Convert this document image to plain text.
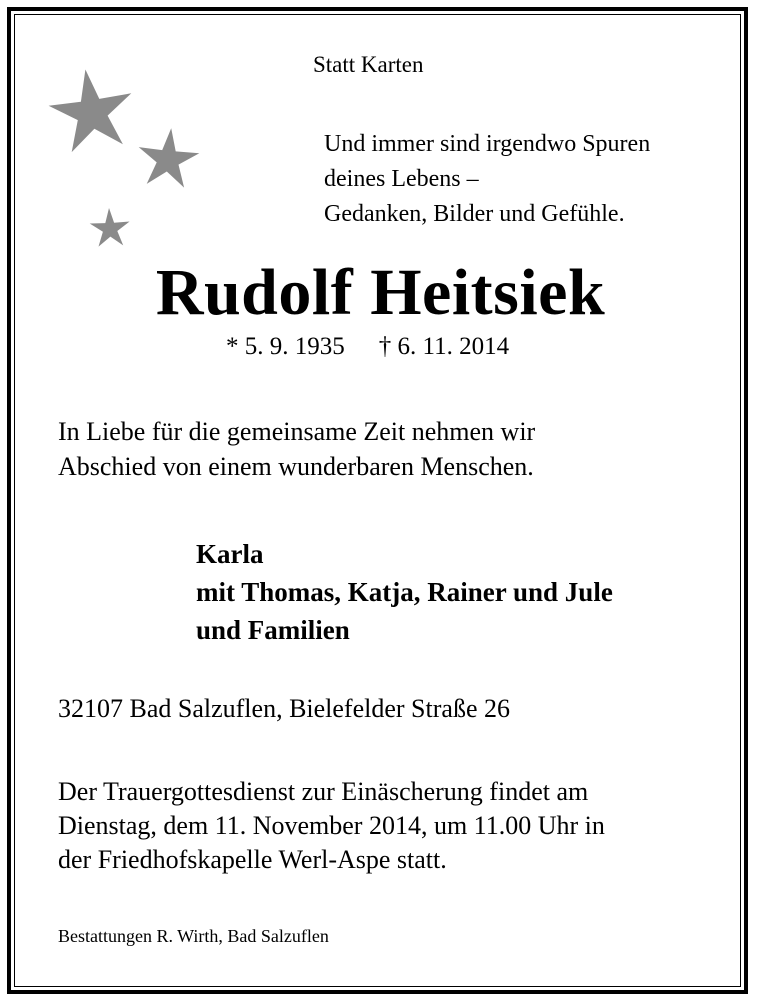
Statt Karten
Und immer sind irgendwo Spuren
deines Lebens –
Gedanken, Bilder und Gefühle.
Rudolf Heitsiek
* 5. 9. 1935 † 6. 11. 2014
In Liebe für die gemeinsame Zeit nehmen wir
Abschied von einem wunderbaren Menschen.
Karla
mit Thomas, Katja, Rainer und Jule
und Familien
32107 Bad Salzuflen, Bielefelder Straße 26
Der Trauergottesdienst zur Einäscherung findet am
Dienstag, dem 11. November 2014, um 11.00 Uhr in
der Friedhofskapelle Werl-Aspe statt.
Bestattungen R. Wirth, Bad Salzuflen
